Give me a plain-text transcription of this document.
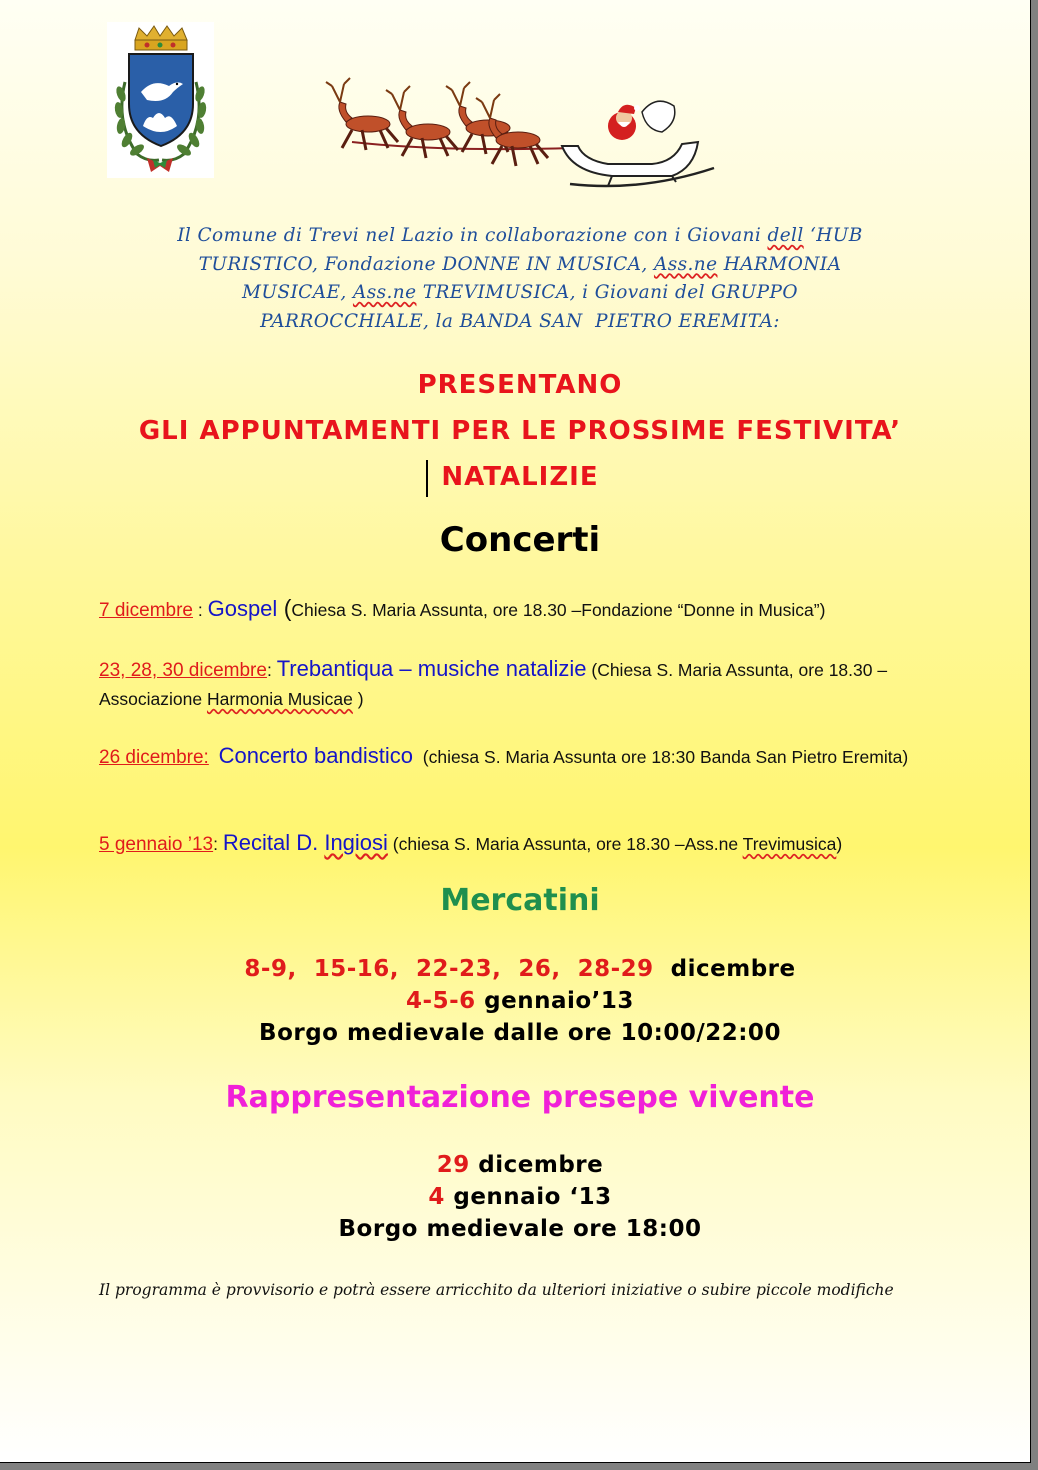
Il Comune di Trevi nel Lazio in collaborazione con i Giovani dell ‘HUB
TURISTICO, Fondazione DONNE IN MUSICA, Ass.ne HARMONIA
MUSICAE, Ass.ne TREVIMUSICA, i Giovani del GRUPPO
PARROCCHIALE, la BANDA SAN  PIETRO EREMITA:
PRESENTANO
GLI APPUNTAMENTI PER LE PROSSIME FESTIVITA’
NATALIZIE
Concerti
7 dicembre : Gospel (Chiesa S. Maria Assunta, ore 18.30 –Fondazione “Donne in Musica”)
23, 28, 30 dicembre: Trebantiqua – musiche natalizie (Chiesa S. Maria Assunta, ore 18.30 –Associazione Harmonia Musicae )
26 dicembre: Concerto bandistico  (chiesa S. Maria Assunta ore 18:30 Banda San Pietro Eremita)
5 gennaio ’13: Recital D. Ingiosi (chiesa S. Maria Assunta, ore 18.30 –Ass.ne Trevimusica)
Mercatini
8-9,  15-16,  22-23,  26,  28-29  dicembre
4-5-6 gennaio’13
Borgo medievale dalle ore 10:00/22:00
Rappresentazione presepe vivente
29 dicembre
4 gennaio ‘13
Borgo medievale ore 18:00
Il programma è provvisorio e potrà essere arricchito da ulteriori iniziative o subire piccole modifiche
